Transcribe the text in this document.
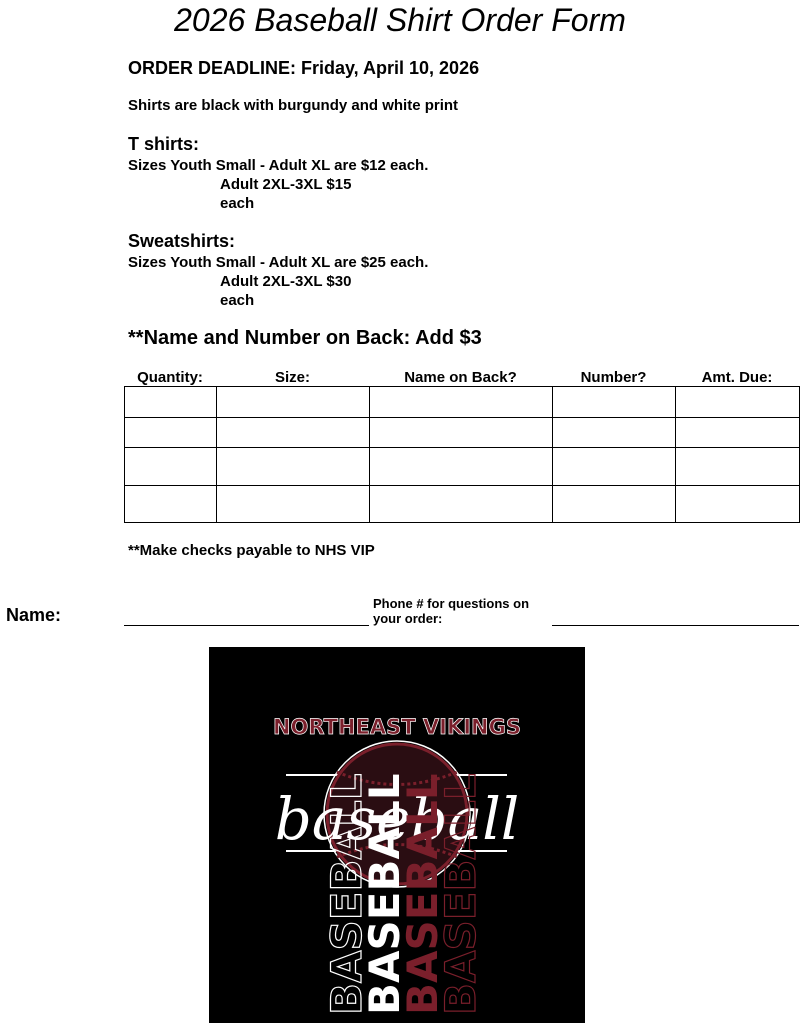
2026 Baseball Shirt Order Form
ORDER DEADLINE: Friday, April 10, 2026
Shirts are black with burgundy and white print
T shirts:
Sizes Youth Small - Adult XL are $12 each.
Adult 2XL-3XL $15
each
Sweatshirts:
Sizes Youth Small - Adult XL are $25 each.
Adult 2XL-3XL $30
each
**Name and Number on Back: Add $3
Quantity:	Size:	Name on Back?	Number?	Amt. Due:

**Make checks payable to NHS VIP
Name:
Phone # for questions on your order:
NORTHEAST VIKINGS
baseball
BASEBALL
BASEBALL
BASEBALL
BASEBALL
